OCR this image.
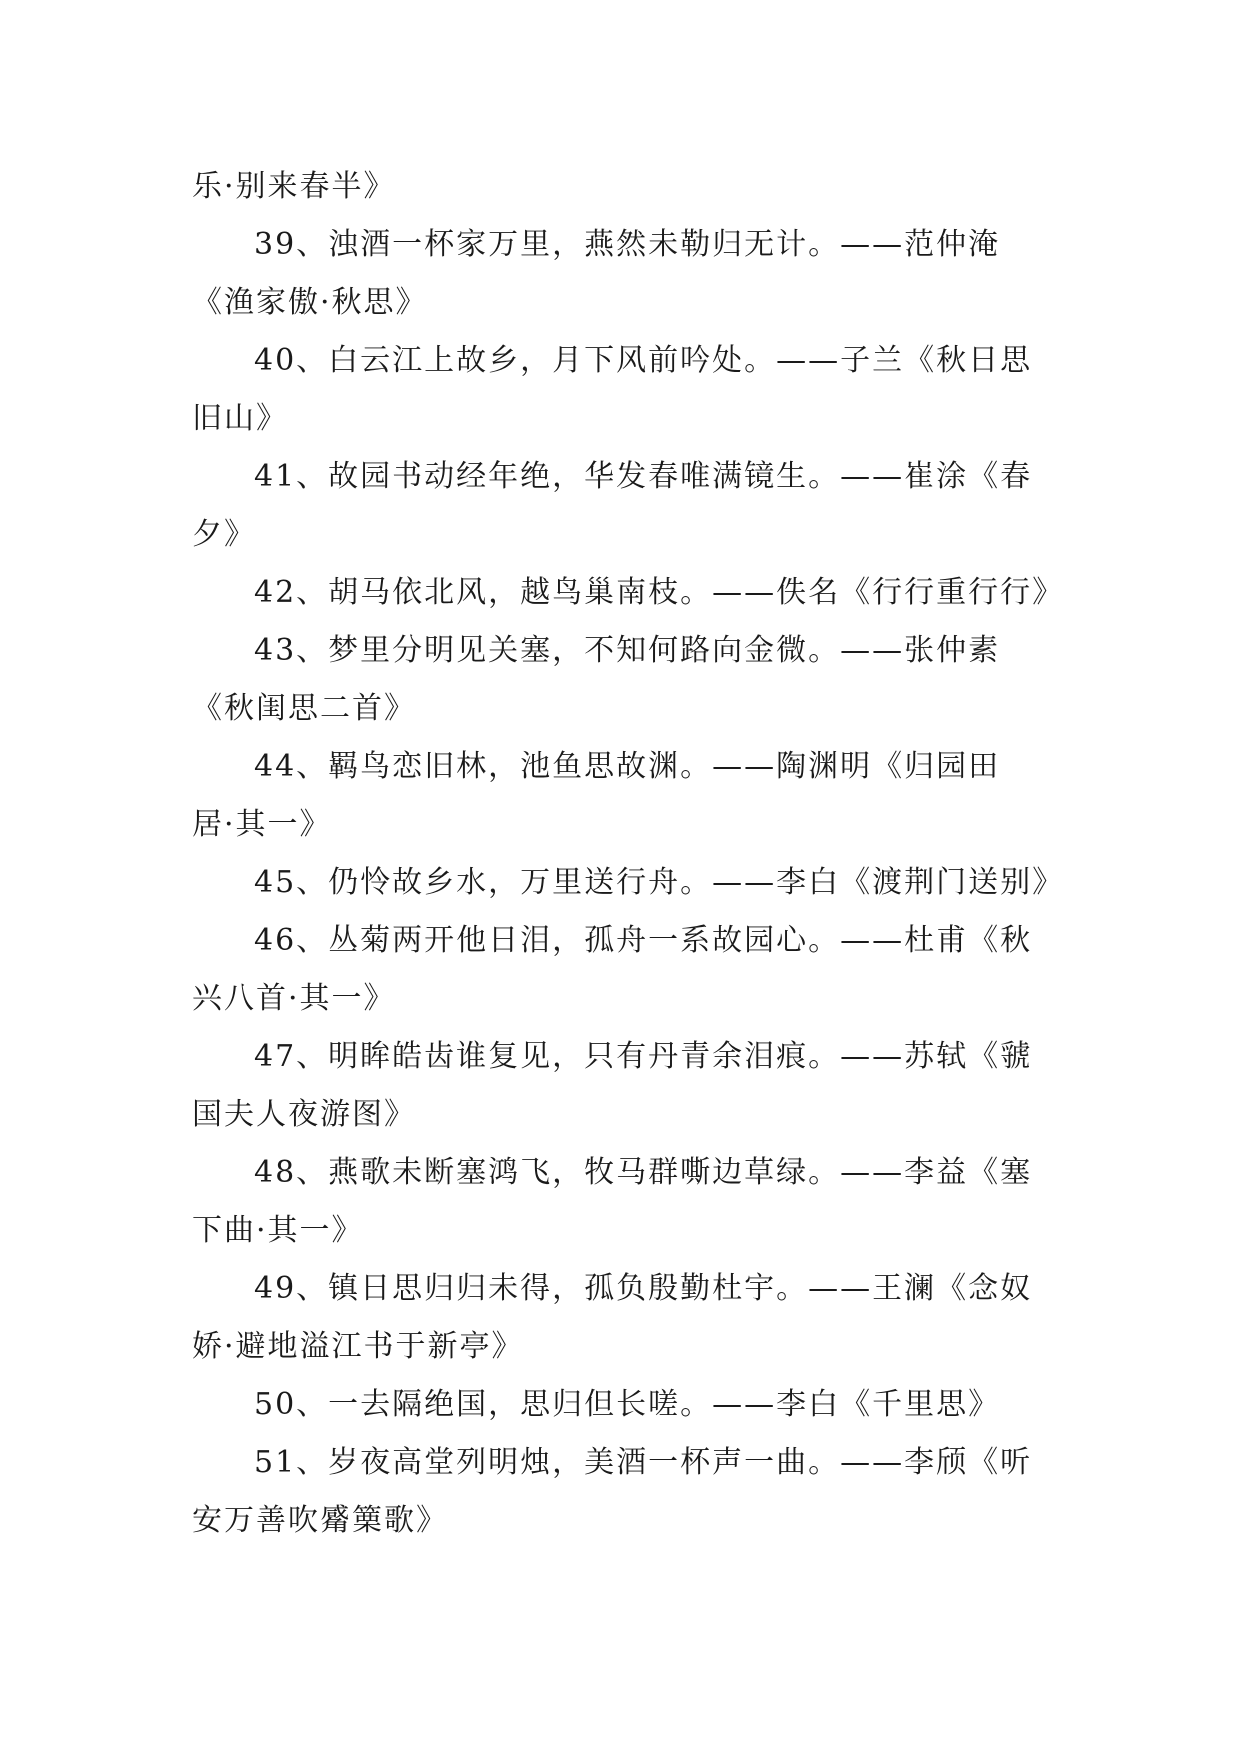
乐·别来春半》
39、浊酒一杯家万里，燕然未勒归无计。——范仲淹
《渔家傲·秋思》
40、白云江上故乡，月下风前吟处。——子兰《秋日思
旧山》
41、故园书动经年绝，华发春唯满镜生。——崔涂《春
夕》
42、胡马依北风，越鸟巢南枝。——佚名《行行重行行》
43、梦里分明见关塞，不知何路向金微。——张仲素
《秋闺思二首》
44、羁鸟恋旧林，池鱼思故渊。——陶渊明《归园田
居·其一》
45、仍怜故乡水，万里送行舟。——李白《渡荆门送别》
46、丛菊两开他日泪，孤舟一系故园心。——杜甫《秋
兴八首·其一》
47、明眸皓齿谁复见，只有丹青余泪痕。——苏轼《虢
国夫人夜游图》
48、燕歌未断塞鸿飞，牧马群嘶边草绿。——李益《塞
下曲·其一》
49、镇日思归归未得，孤负殷勤杜宇。——王澜《念奴
娇·避地溢江书于新亭》
50、一去隔绝国，思归但长嗟。——李白《千里思》
51、岁夜高堂列明烛，美酒一杯声一曲。——李颀《听
安万善吹觱篥歌》
